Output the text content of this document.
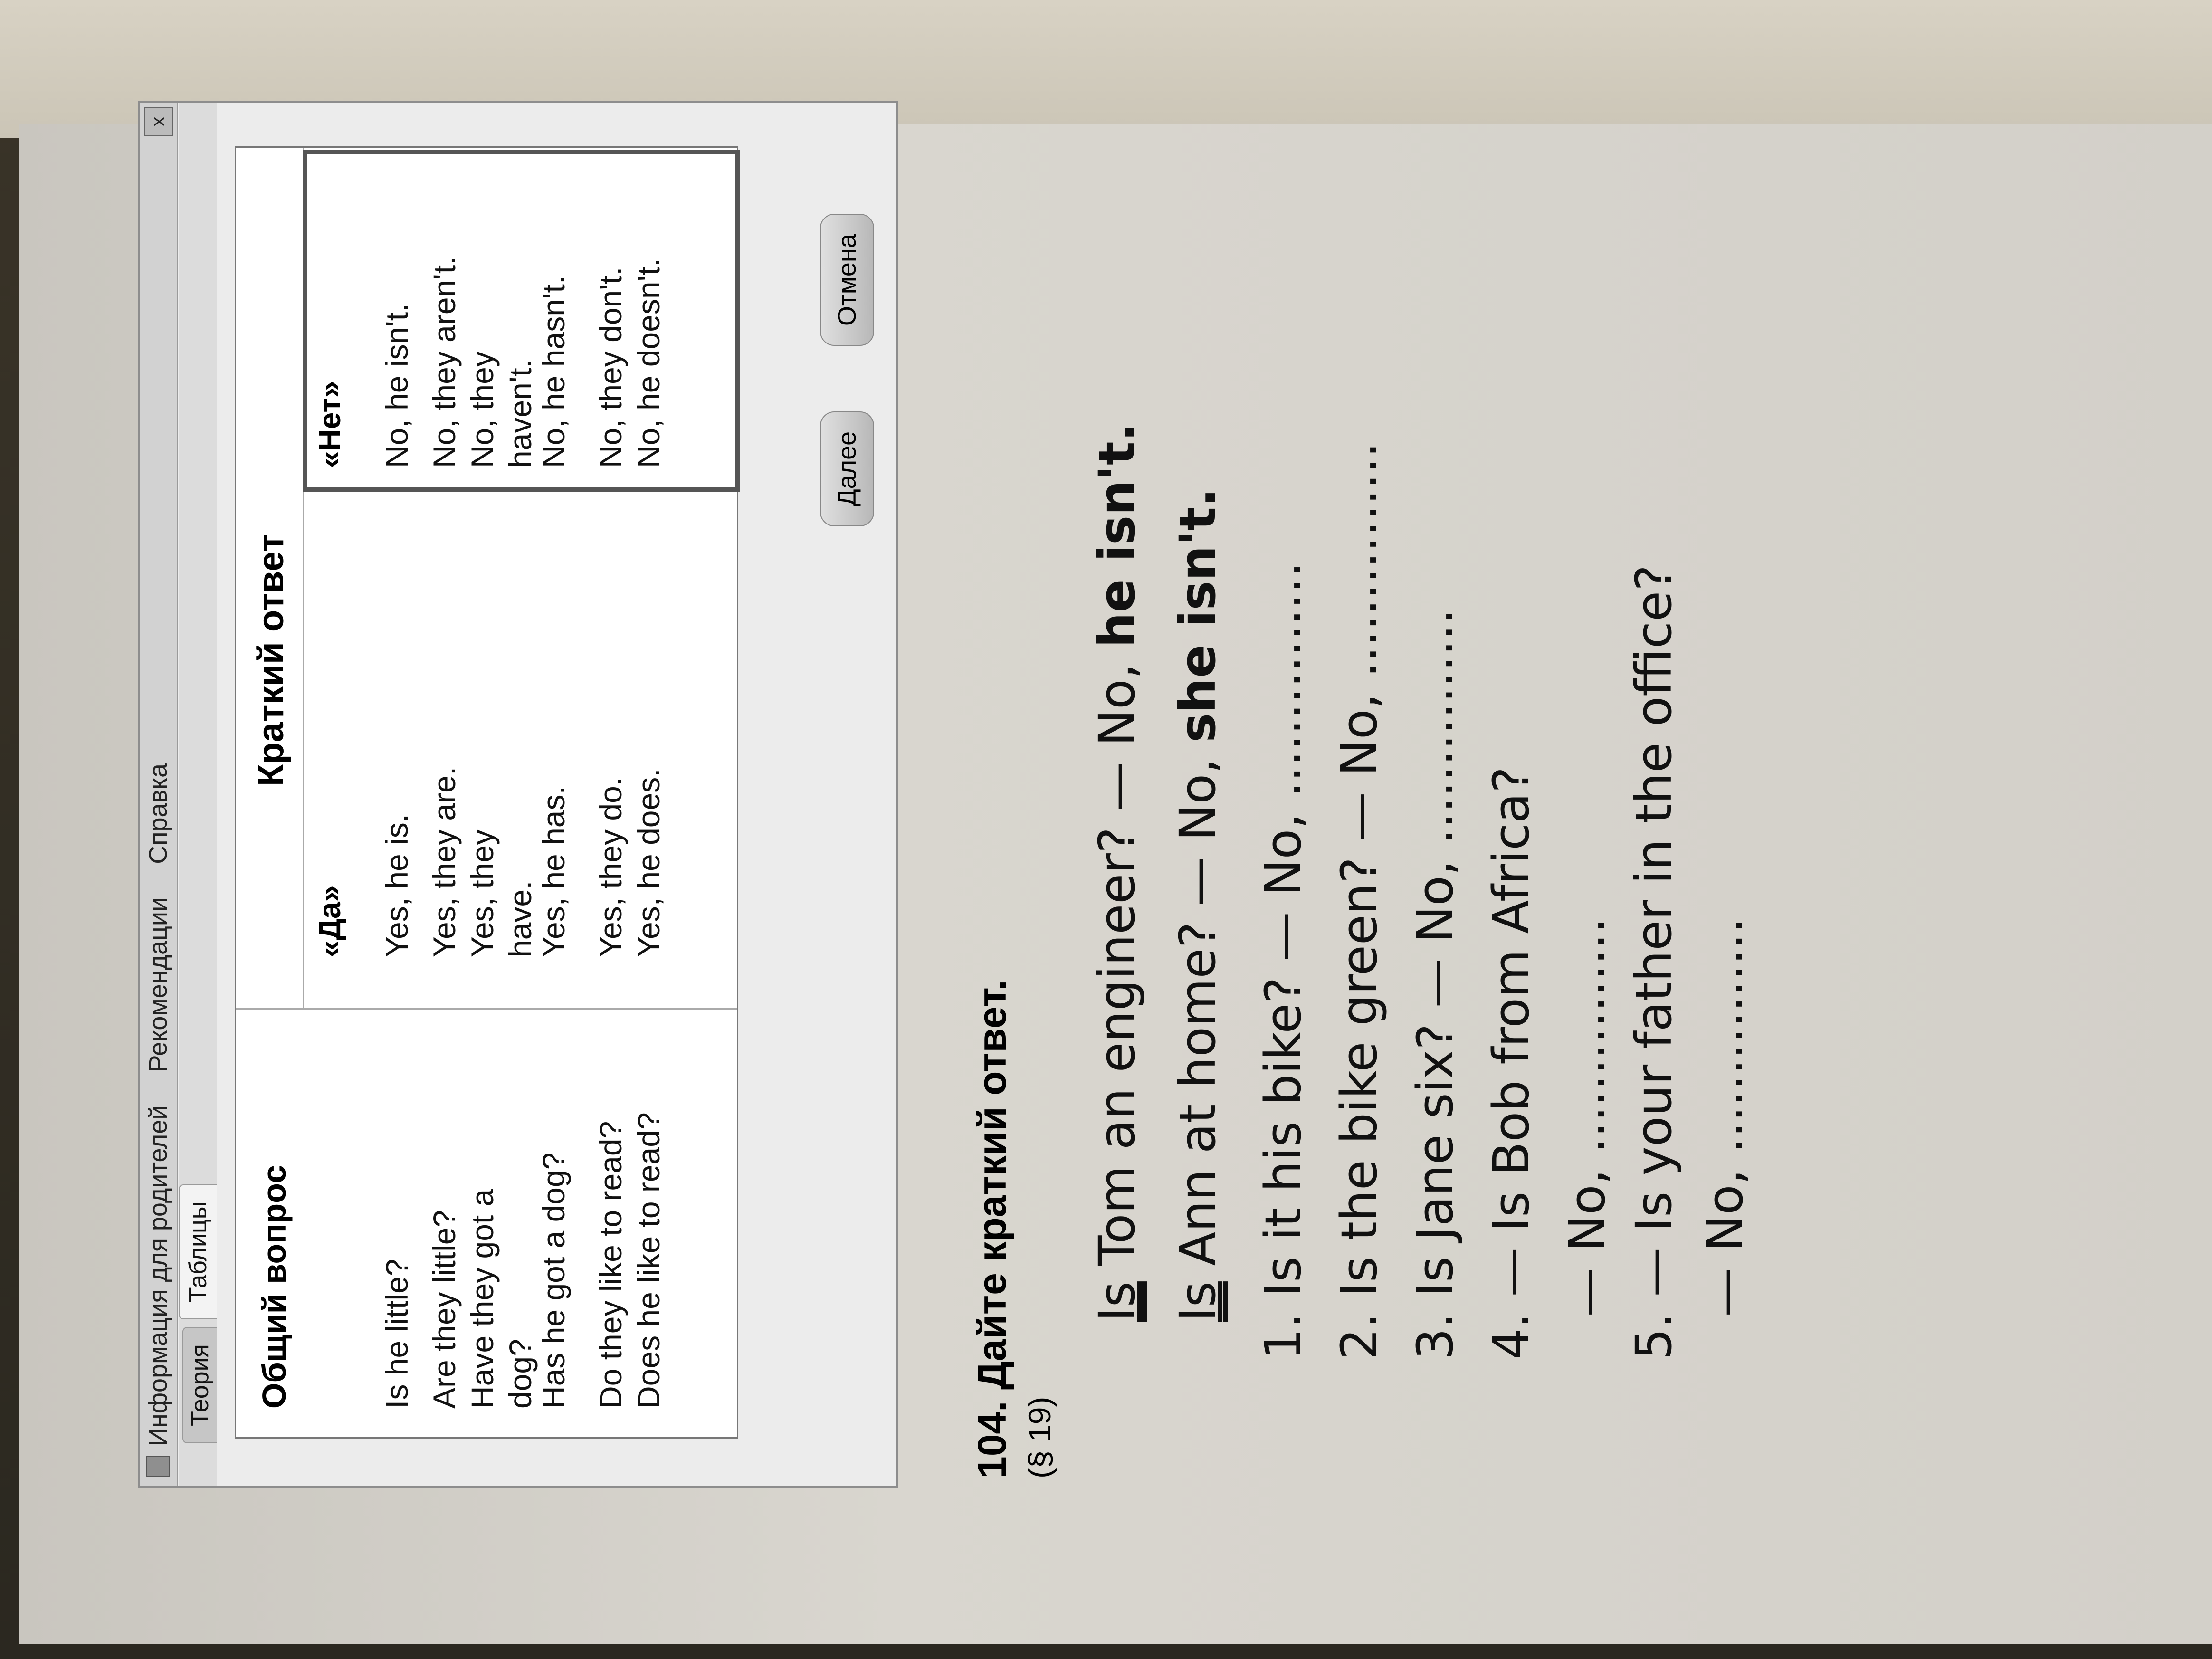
Информация для родителей
Рекомендации
Справка
x
Теория
Таблицы Общий вопрос	Is he little? Are they little? Have they got a dog?
Has he got a dog? Do they like to read? Does he like to read?
Краткий ответ
«Да»
«Нет»
Yes, he is. Yes, they are. Yes, they have.
Yes, he has. Yes, they do. Yes, he does.
No, he isn't. No, they aren't. No, they haven't.
No, he hasn't. No, they don't. No, he doesn't.
Далее
Отмена
104. Дайте краткий ответ. (§ 19)
Is Tom an engineer? — No, he isn't.
Is Ann at home? — No, she isn't. 1. Is it his bike? — No, ............... 2. Is the bike green? — No, ............... 3. Is Jane six? — No, ............... 4. — Is Bob from Africa? — No, ............... 5. — Is your father in the office? — No, ...............
